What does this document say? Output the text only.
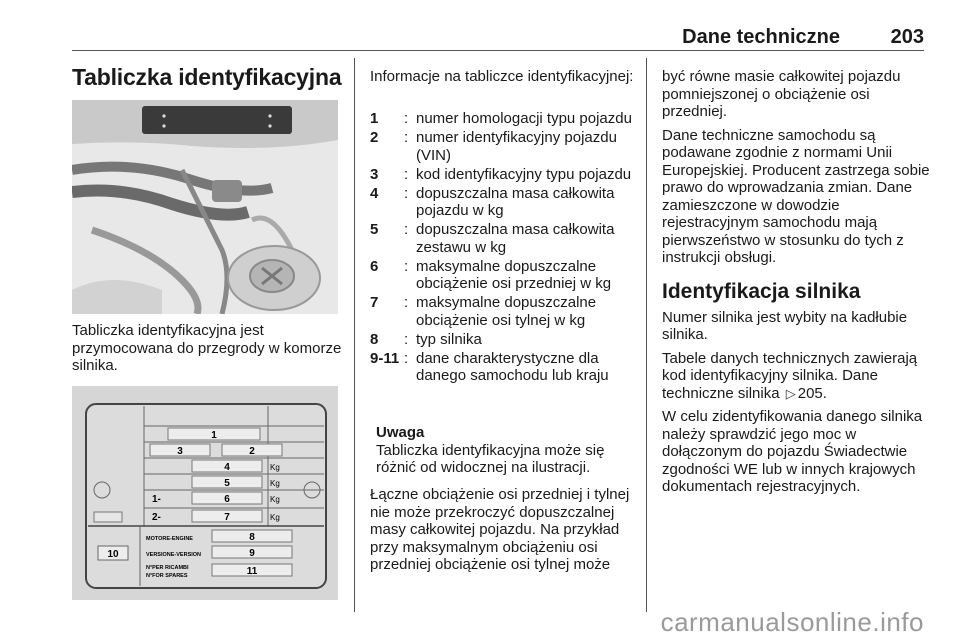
Dane techniczne	203
Tabliczka identyfikacyjna
Tabliczka identyfikacyjna jest przymocowana do przegrody w komorze silnika.
1
3	2
4
5
6
7
8
9
11
10
Kg
Kg
Kg
Kg
1-
2-
MOTORE-ENGINE
VERSIONE-VERSION
N°PER RICAMBI
N°FOR SPARES
Informacje na tabliczce identyfikacyjnej:
1	: numer homologacji typu pojazdu
2	: numer identyfikacyjny pojazdu (VIN)
3	: kod identyfikacyjny typu pojazdu
4	: dopuszczalna masa całkowita pojazdu w kg
5	: dopuszczalna masa całkowita zestawu w kg
6	: maksymalne dopuszczalne obciążenie osi przedniej w kg
7	: maksymalne dopuszczalne obciążenie osi tylnej w kg
8	: typ silnika
9-11 : dane charakterystyczne dla danego samochodu lub kraju
Uwaga
Tabliczka identyfikacyjna może się różnić od widocznej na ilustracji.
Łączne obciążenie osi przedniej i tylnej nie może przekroczyć dopuszczalnej masy całkowitej pojazdu. Na przykład przy maksymalnym obciążeniu osi przedniej obciążenie osi tylnej może

być równe masie całkowitej pojazdu pomniejszonej o obciążenie osi przedniej.

Dane techniczne samochodu są podawane zgodnie z normami Unii Europejskiej. Producent zastrzega sobie prawo do wprowadzania zmian. Dane zamieszczone w dowodzie rejestracyjnym samochodu mają pierwszeństwo w stosunku do tych z instrukcji obsługi.

Identyfikacja silnika

Numer silnika jest wybity na kadłubie silnika.

Tabele danych technicznych zawierają kod identyfikacyjny silnika. Dane techniczne silnika ▷ 205.

W celu zidentyfikowania danego silnika należy sprawdzić jego moc w dołączonym do pojazdu Świadectwie zgodności WE lub w innych krajowych dokumentach rejestracyjnych.

carmanualsonline.info
